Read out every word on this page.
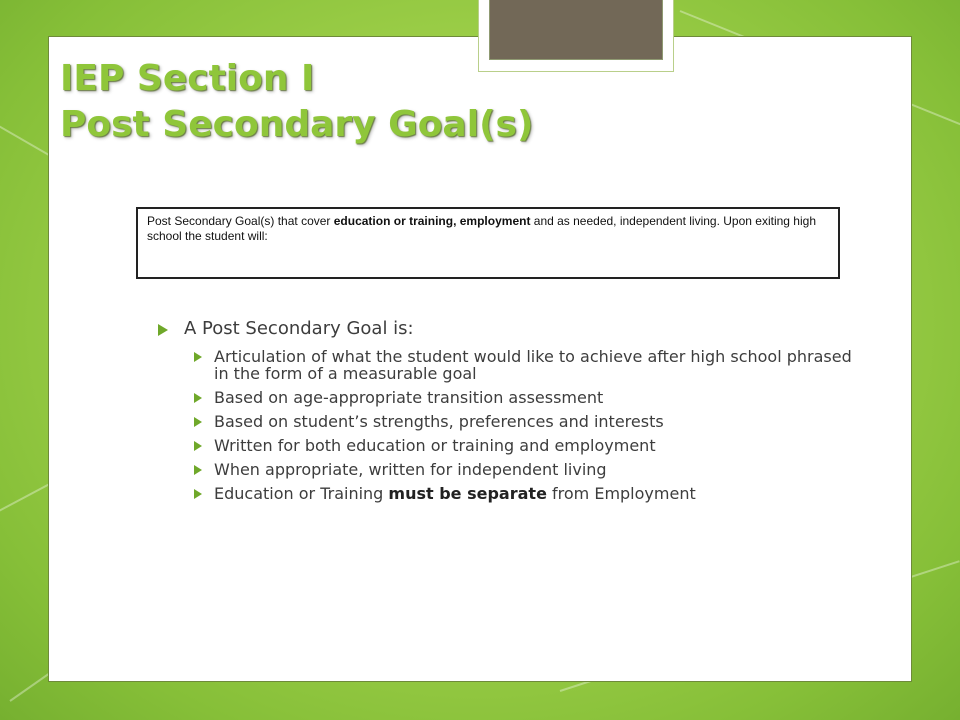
IEP Section I
Post Secondary Goal(s)
Post Secondary Goal(s) that cover education or training, employment and as needed, independent living. Upon exiting high school the student will:
A Post Secondary Goal is:
Articulation of what the student would like to achieve after high school phrased in the form of a measurable goal
Based on age-appropriate transition assessment
Based on student’s strengths, preferences and interests
Written for both education or training and employment
When appropriate, written for independent living
Education or Training must be separate from Employment
